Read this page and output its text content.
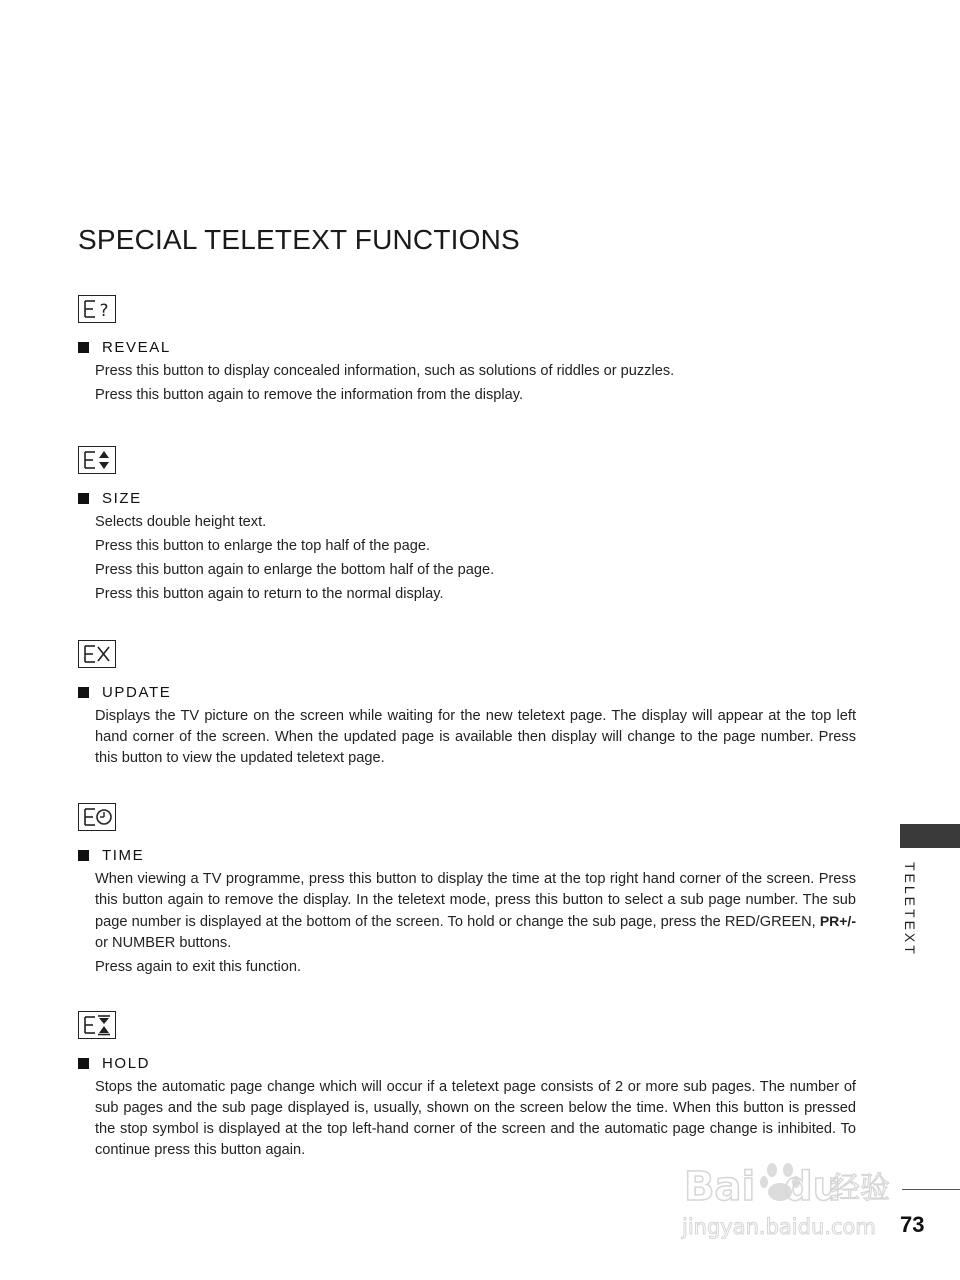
SPECIAL TELETEXT FUNCTIONS
?
REVEAL

Press this button to display concealed information, such as solutions of riddles or puzzles.

Press this button again to remove the information from the display.

SIZE

Selects double height text.

Press this button to enlarge the top half of the page.

Press this button again to enlarge the bottom half of the page.

Press this button again to return to the normal display.

UPDATE

Displays the TV picture on the screen while waiting for the new teletext page. The display will appear at the top left hand corner of the screen. When the updated page is available then display will change to the page number. Press this button to view the updated teletext page.

TIME

When viewing a TV programme, press this button to display the time at the top right hand corner of the screen. Press this button again to remove the display. In the teletext mode, press this button to select a sub page number. The sub page number is displayed at the bottom of the screen. To hold or change the sub page, press the RED/GREEN, PR+/- or NUMBER buttons.

Press again to exit this function.

HOLD

Stops the automatic page change which will occur if a teletext page consists of 2 or more sub pages. The number of sub pages and the sub page displayed is, usually, shown on the screen below the time. When this button is pressed the stop symbol is displayed at the top left-hand corner of the screen and the automatic page change is inhibited. To continue press this button again.

TELETEXT
73
Bai du
经验
jingyan.baidu.com
